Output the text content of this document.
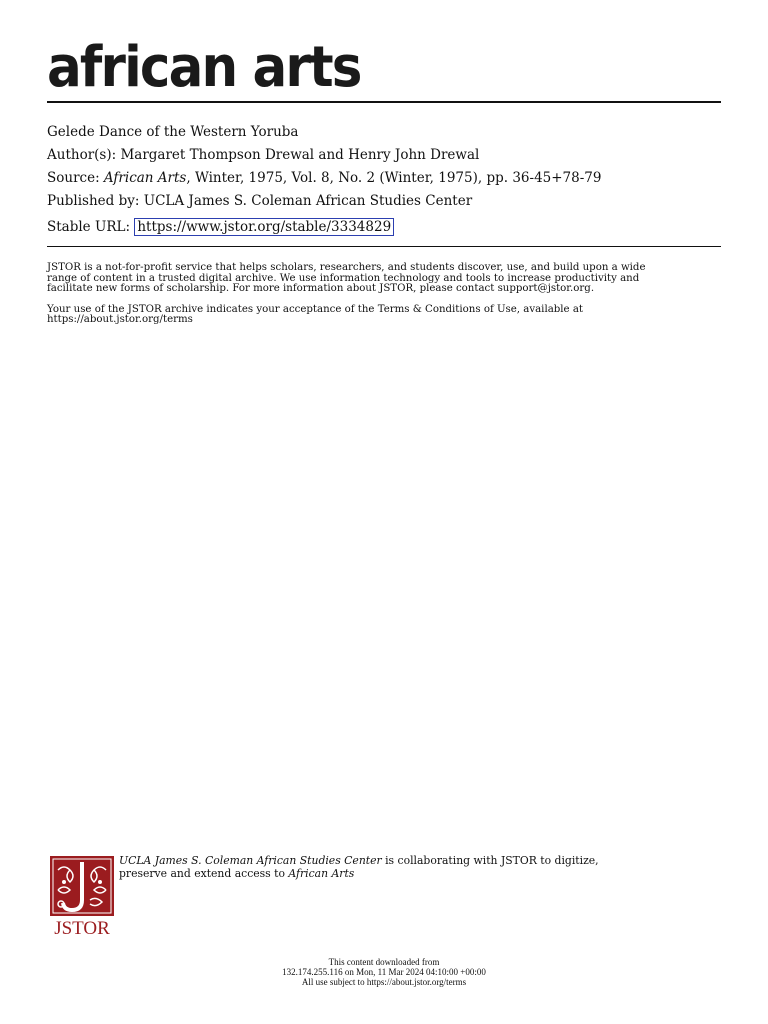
african arts
Gelede Dance of the Western Yoruba
Author(s): Margaret Thompson Drewal and Henry John Drewal
Source: African Arts, Winter, 1975, Vol. 8, No. 2 (Winter, 1975), pp. 36-45+78-79
Published by: UCLA James S. Coleman African Studies Center
Stable URL: https://www.jstor.org/stable/3334829

JSTOR is a not-for-profit service that helps scholars, researchers, and students discover, use, and build upon a wide
range of content in a trusted digital archive. We use information technology and tools to increase productivity and
facilitate new forms of scholarship. For more information about JSTOR, please contact support@jstor.org.

Your use of the JSTOR archive indicates your acceptance of the Terms & Conditions of Use, available at
https://about.jstor.org/terms

JSTOR
UCLA James S. Coleman African Studies Center is collaborating with JSTOR to digitize,
preserve and extend access to African Arts
This content downloaded from
132.174.255.116 on Mon, 11 Mar 2024 04:10:00 +00:00
All use subject to https://about.jstor.org/terms
